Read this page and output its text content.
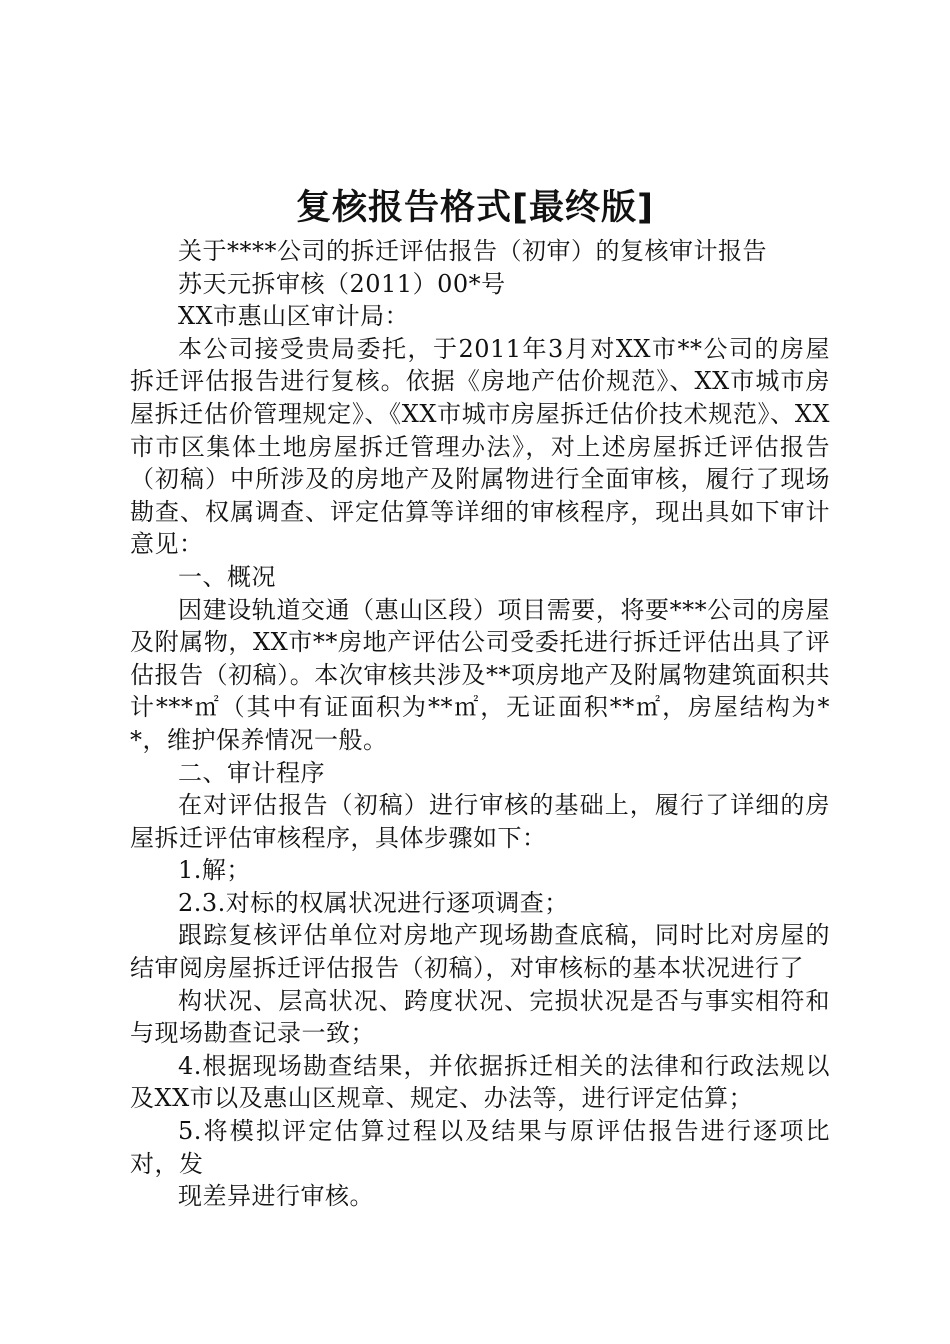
复核报告格式[最终版]

关于****公司的拆迁评估报告（初审）的复核审计报告

苏天元拆审核（2011）00*号

XX市惠山区审计局：

本公司接受贵局委托，于2011年3月对XX市**公司的房屋拆迁评估报告进行复核。依据《房地产估价规范》、XX市城市房屋拆迁估价管理规定》、《XX市城市房屋拆迁估价技术规范》、XX市市区集体土地房屋拆迁管理办法》，对上述房屋拆迁评估报告（初稿）中所涉及的房地产及附属物进行全面审核，履行了现场勘查、权属调查、评定估算等详细的审核程序，现出具如下审计意见：

一、概况

因建设轨道交通（惠山区段）项目需要，将要***公司的房屋及附属物，XX市**房地产评估公司受委托进行拆迁评估出具了评估报告（初稿）。本次审核共涉及**项房地产及附属物建筑面积共计***㎡（其中有证面积为**㎡，无证面积**㎡，房屋结构为**，维护保养情况一般。

二、审计程序

在对评估报告（初稿）进行审核的基础上，履行了详细的房屋拆迁评估审核程序，具体步骤如下：

1.解；

2.3.对标的权属状况进行逐项调查；

跟踪复核评估单位对房地产现场勘查底稿，同时比对房屋的结审阅房屋拆迁评估报告（初稿），对审核标的基本状况进行了

构状况、层高状况、跨度状况、完损状况是否与事实相符和与现场勘查记录一致；

4.根据现场勘查结果，并依据拆迁相关的法律和行政法规以及XX市以及惠山区规章、规定、办法等，进行评定估算；

5.将模拟评定估算过程以及结果与原评估报告进行逐项比对，发

现差异进行审核。
